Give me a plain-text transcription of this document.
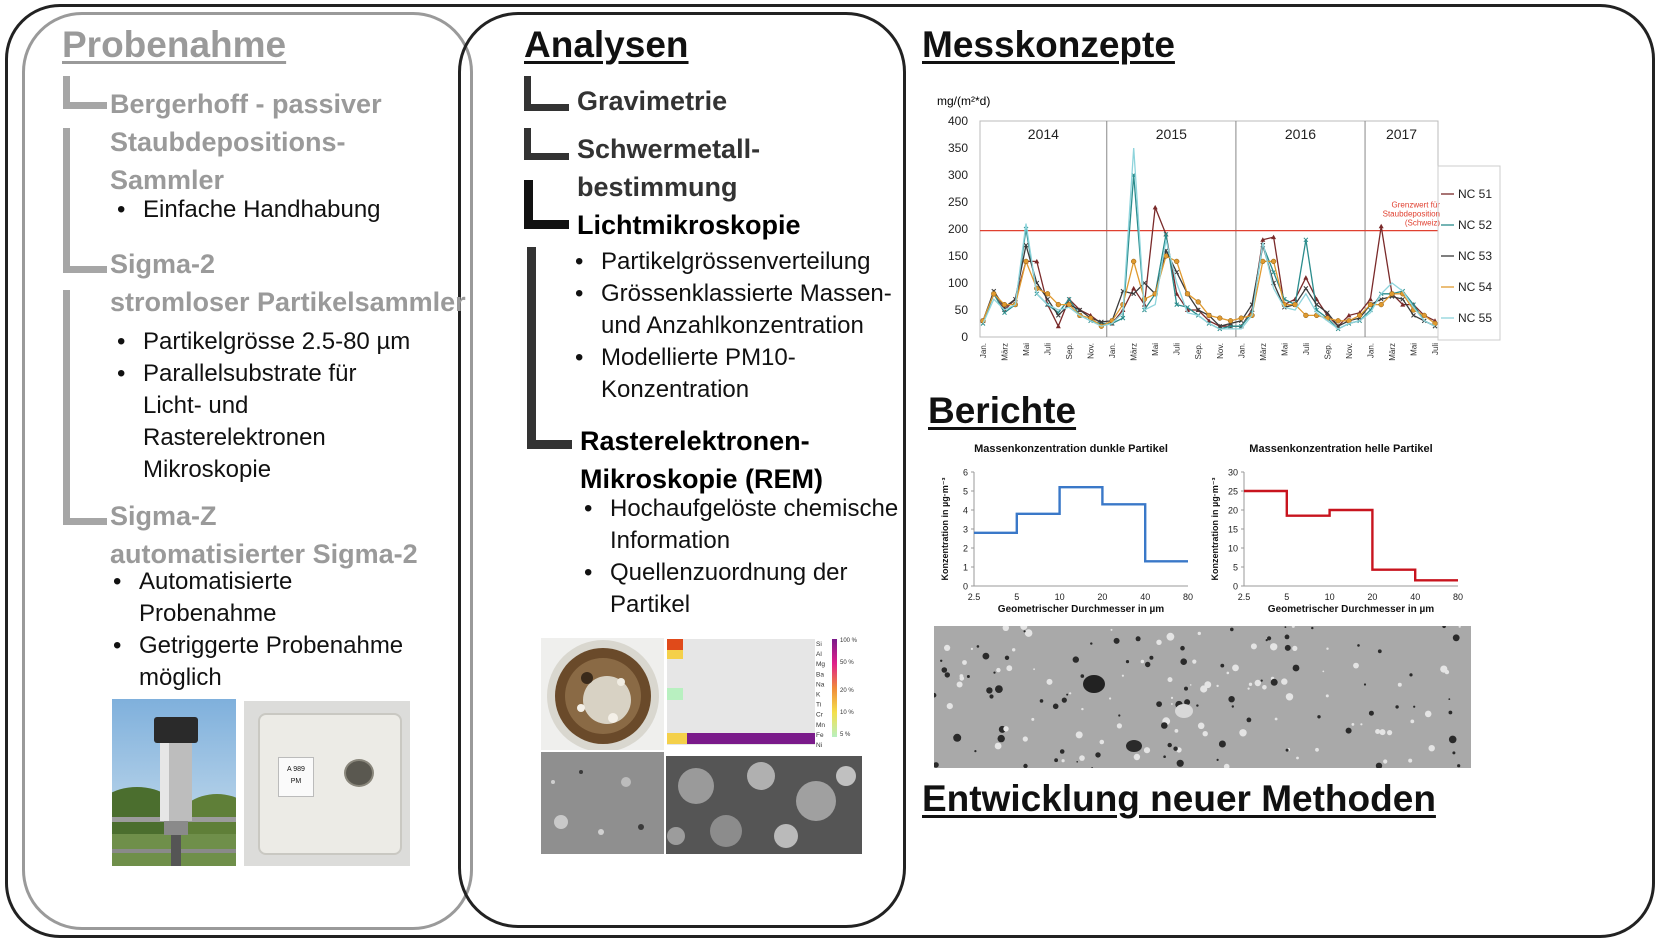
Probenahme
Bergerhoff - passiver
Staubdepositions-
Sammler
• Einfache Handhabung
Sigma-2
stromloser Partikelsammler
• Partikelgrösse 2.5-80 µm
• Parallelsubstrate für
Licht- und
Rasterelektronen
Mikroskopie
Sigma-Z
automatisierter Sigma-2
• Automatisierte
Probenahme
• Getriggerte Probenahme
möglich
A 989
PM
Analysen
Gravimetrie
Schwermetall-
bestimmung
Lichtmikroskopie
• Partikelgrössenverteilung
• Grössenklassierte Massen-
und Anzahlkonzentration
• Modellierte PM10-
Konzentration
Rasterelektronen-
Mikroskopie (REM)
• Hochaufgelöste chemische
Information
• Quellenzuordnung der
Partikel
Si
Al
Mg
Ba
Na
K
Ti
Cr
Mn
Fe
Ni
100 %
50 %
20 %
10 %
5 %
Messkonzepte
mg/(m²*d)
0
50
100
150
200
250
300
350
400
2014	2015	2016	2017
Jan. März Mai Juli Sep. Nov. Jan. März Mai Juli Sep. Nov. Jan. März Mai Juli Sep. Nov. Jan. März Mai Juli
Grenzwert für
Staubdeposition
(Schweiz)
NC 51
NC 52
NC 53
NC 54
NC 55
Berichte
Massenkonzentration dunkle Partikel
0
1
2
3
4
5
6
2.5	5	10	20	40	80
Geometrischer Durchmesser in µm
Konzentration in µg·m⁻³
Massenkonzentration helle Partikel
0
5
10
15
20
25
30
2.5	5	10	20	40	80
Geometrischer Durchmesser in µm
Konzentration in µg·m⁻³
Entwicklung neuer Methoden
